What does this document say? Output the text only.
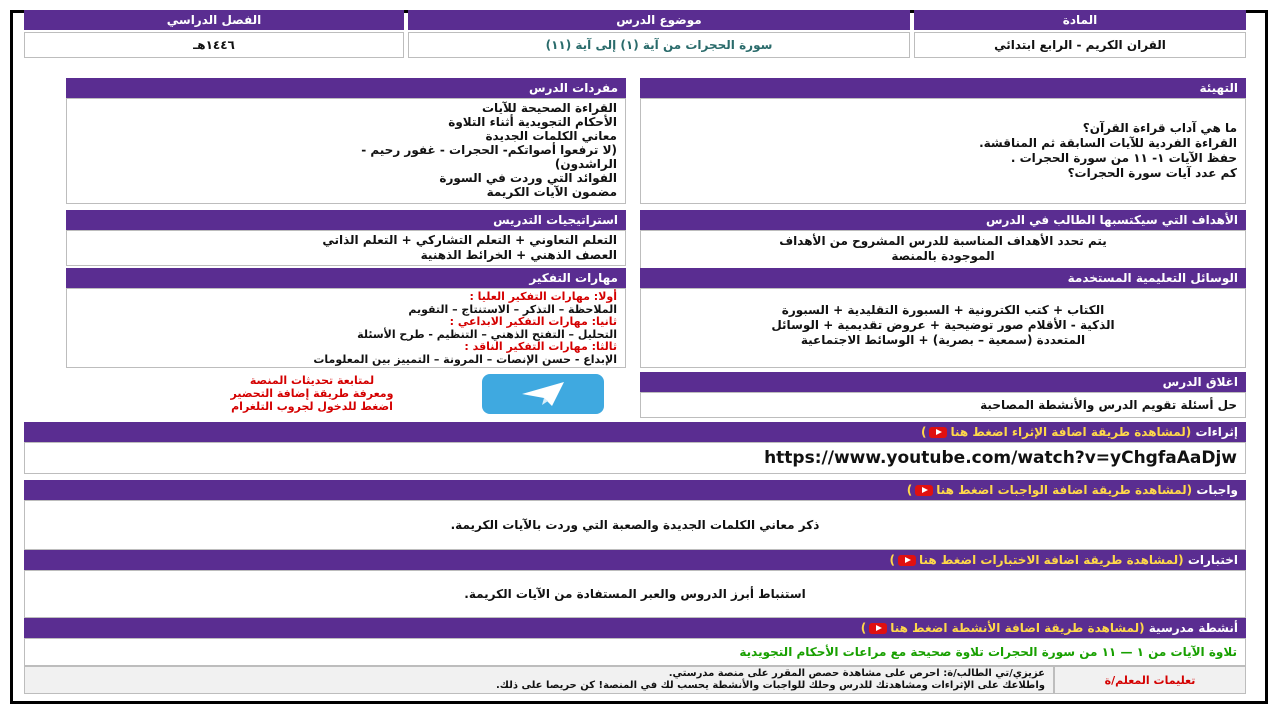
المادة
موضوع الدرس
الفصل الدراسي
القران الكريم - الرابع ابتدائي
سورة الحجرات من آية (١) إلى آية (١١)
١٤٤٦هـ
التهيئة
ما هي آداب قراءة القرآن؟
القراءة الفردية للآيات السابقة ثم المناقشة.
حفظ الآيات ١- ١١ من سورة الحجرات .
كم عدد آيات سورة الحجرات؟
الأهداف التي سيكتسبها الطالب في الدرس
يتم تحدد الأهداف المناسبة للدرس المشروح من الأهداف
الموجودة بالمنصة
الوسائل التعليمية المستخدمة
الكتاب + كتب الكترونية + السبورة التقليدية + السبورة
الذكية - الأقلام صور توضيحية + عروض تقديمية + الوسائل
المتعددة (سمعية – بصرية) + الوسائط الاجتماعية
اغلاق الدرس
حل أسئلة تقويم الدرس والأنشطة المصاحبة
مفردات الدرس
القراءة الصحيحة للآيات
الأحكام التجويدية أثناء التلاوة
معاني الكلمات الجديدة
(لا ترفعوا أصواتكم- الحجرات - غفور رحيم -
الراشدون)
الفوائد التي وردت في السورة
مضمون الآيات الكريمة
استراتيجيات التدريس
التعلم التعاوني + التعلم التشاركي + التعلم الذاتي
العصف الذهني + الخرائط الذهنية
مهارات التفكير
أولا: مهارات التفكير العليا :
الملاحظة – التذكر – الاستنتاج – التقويم
ثانيا: مهارات التفكير الابداعي :
التحليل – التفتح الذهني – التنظيم - طرح الأسئلة
ثالثا: مهارات التفكير الناقد :
الإبداع - حسن الإنصات – المرونة – التمييز بين المعلومات
لمتابعة تحديثات المنصة
ومعرفة طريقة إضافة التحضير
اضغط للدخول لجروب التلغرام
إثراءات (لمشاهدة طريقة اضافة الإثراء اضغط هنا)
https://www.youtube.com/watch?v=yChgfaAaDjw
واجبات (لمشاهدة طريقة اضافة الواجبات اضغط هنا)
ذكر معاني الكلمات الجديدة والصعبة التي وردت بالآيات الكريمة.
اختبارات (لمشاهدة طريقة اضافة الاختبارات اضغط هنا)
استنباط أبرز الدروس والعبر المستفادة من الآيات الكريمة.
أنشطة مدرسية (لمشاهدة طريقة اضافة الأنشطة اضغط هنا)
تلاوة الآيات من ١ — ١١ من سورة الحجرات تلاوة صحيحة مع مراعات الأحكام التجويدية
تعليمات المعلم/ة
عزيزي/تي الطالب/ة: احرص على مشاهدة حصص المقرر على منصة مدرستي.
واطلاعك على الإثراءات ومشاهدتك للدرس وحلك للواجبات والأنشطة يحسب لك في المنصة! كن حريصا على ذلك.
